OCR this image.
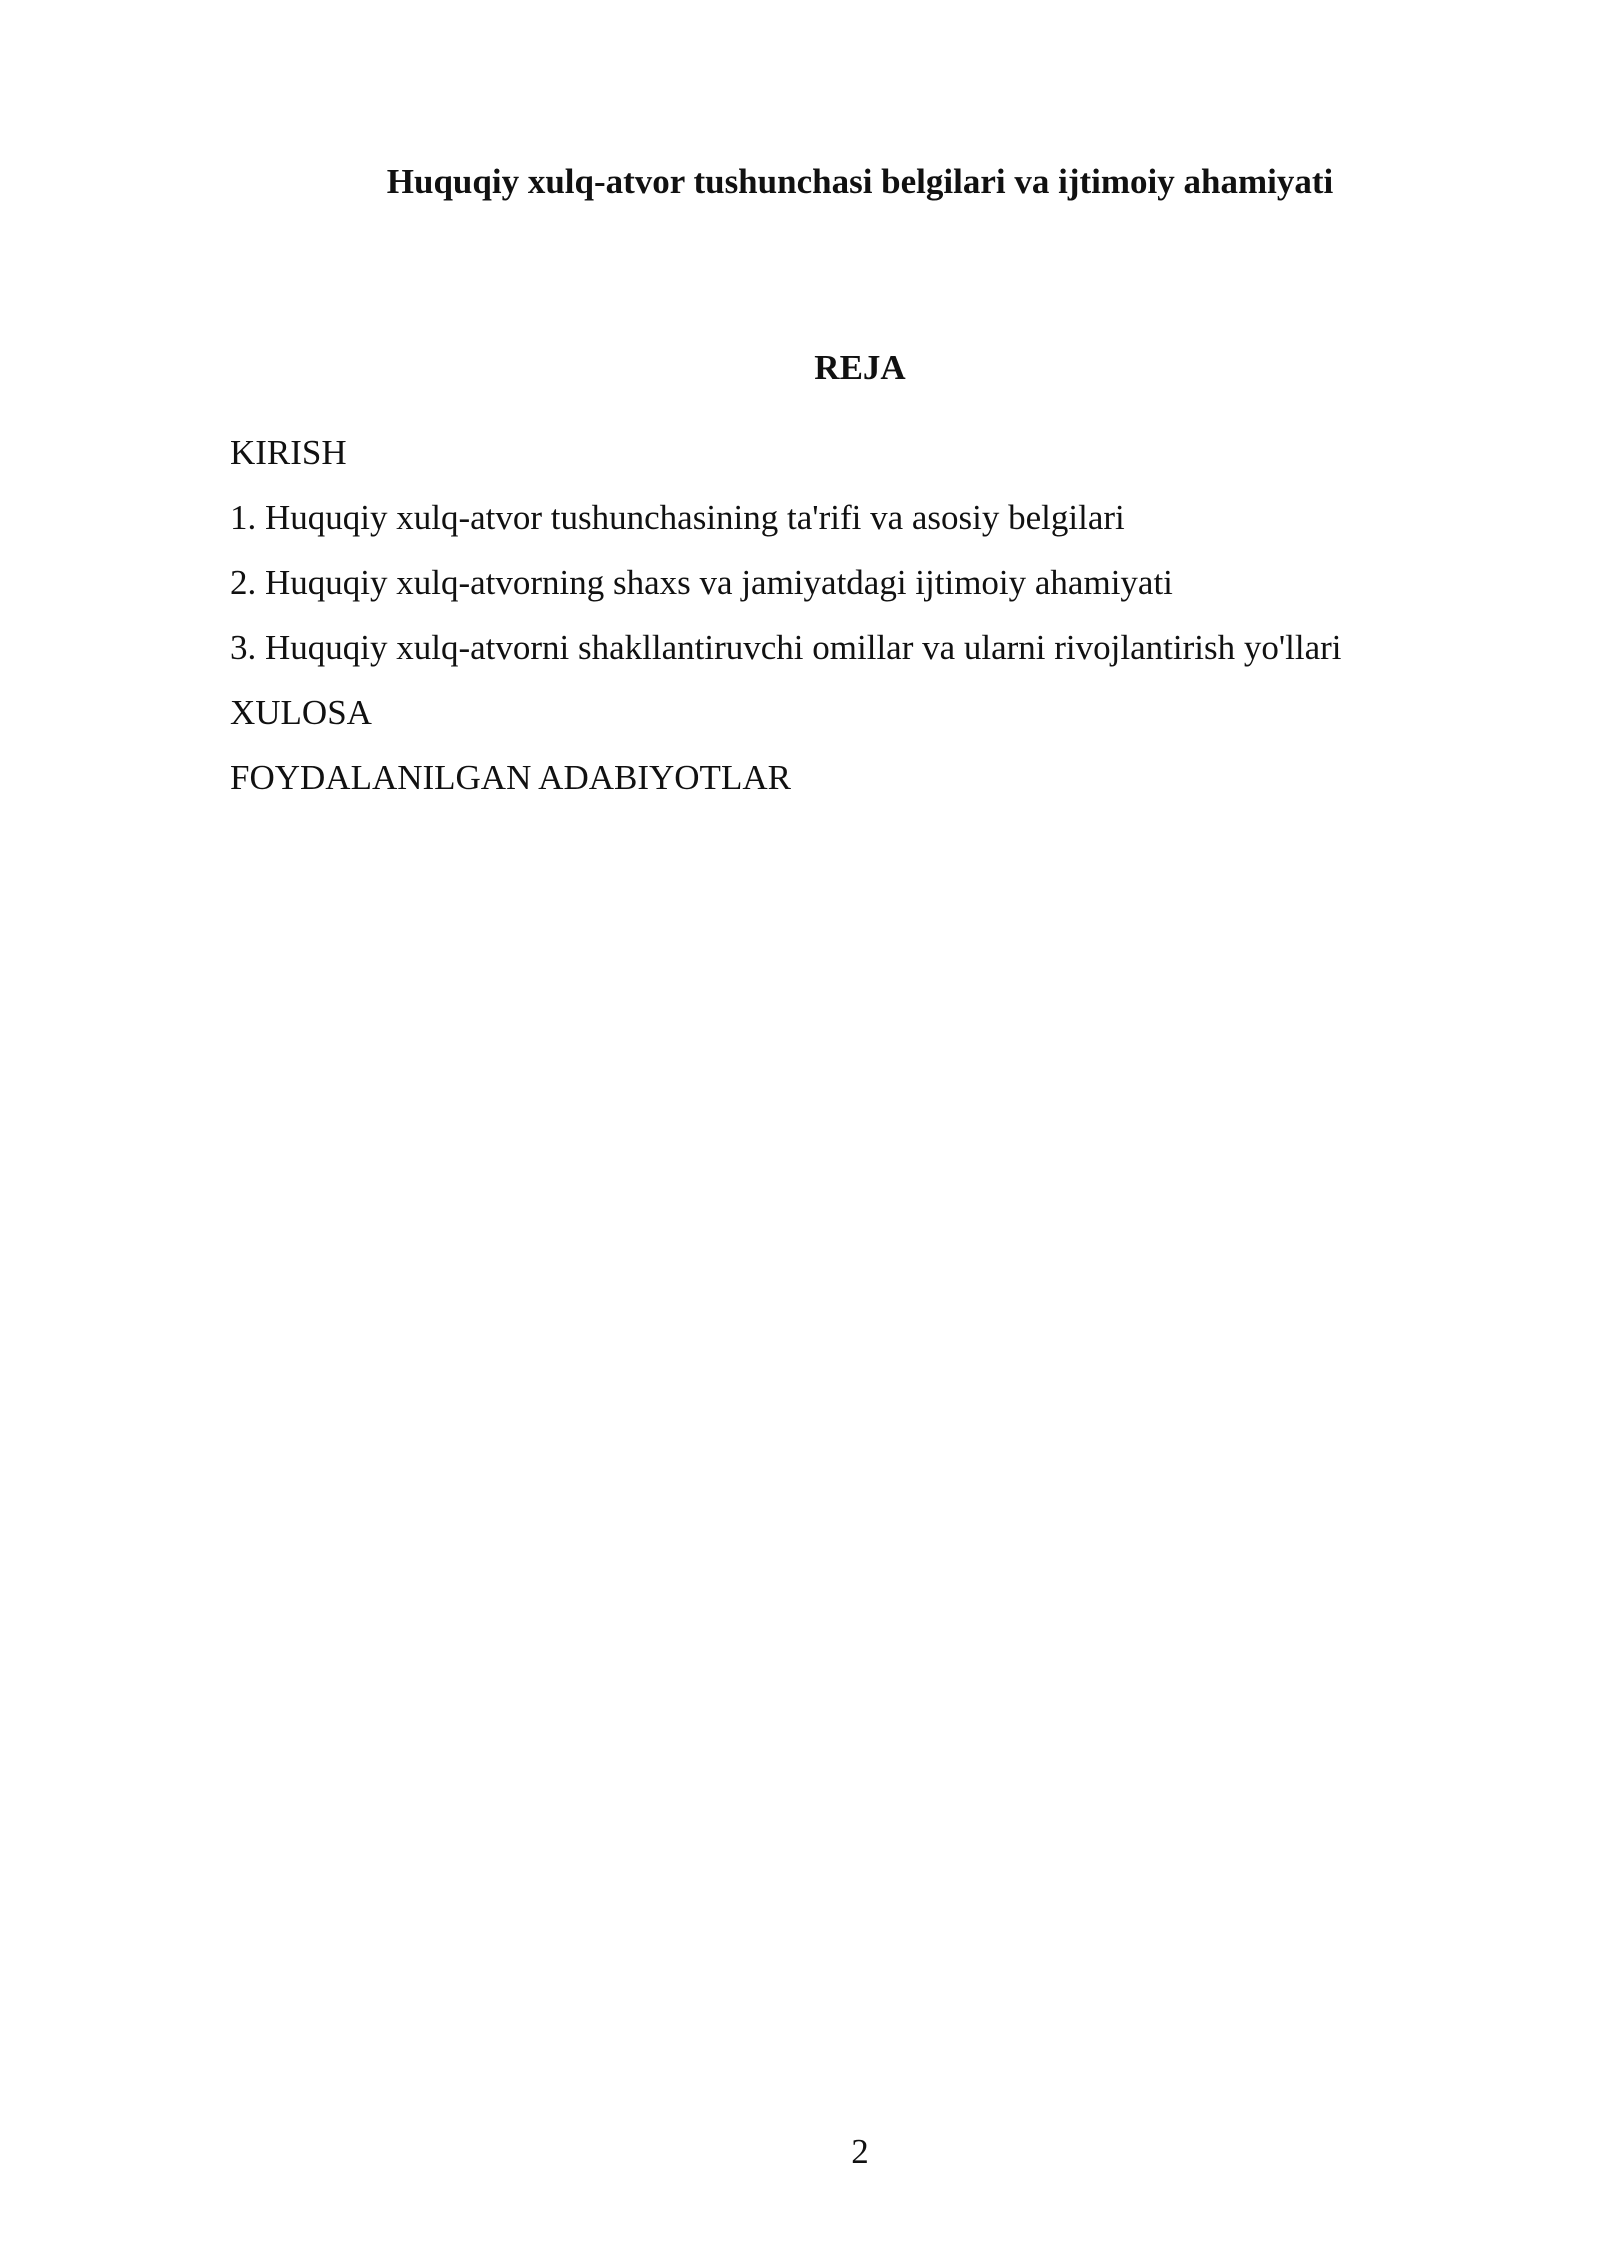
Huquqiy xulq-atvor tushunchasi belgilari va ijtimoiy ahamiyati
REJA
KIRISH
1. Huquqiy xulq-atvor tushunchasining ta'rifi va asosiy belgilari
2. Huquqiy xulq-atvorning shaxs va jamiyatdagi ijtimoiy ahamiyati
3. Huquqiy xulq-atvorni shakllantiruvchi omillar va ularni rivojlantirish yo'llari
XULOSA
FOYDALANILGAN ADABIYOTLAR
2
